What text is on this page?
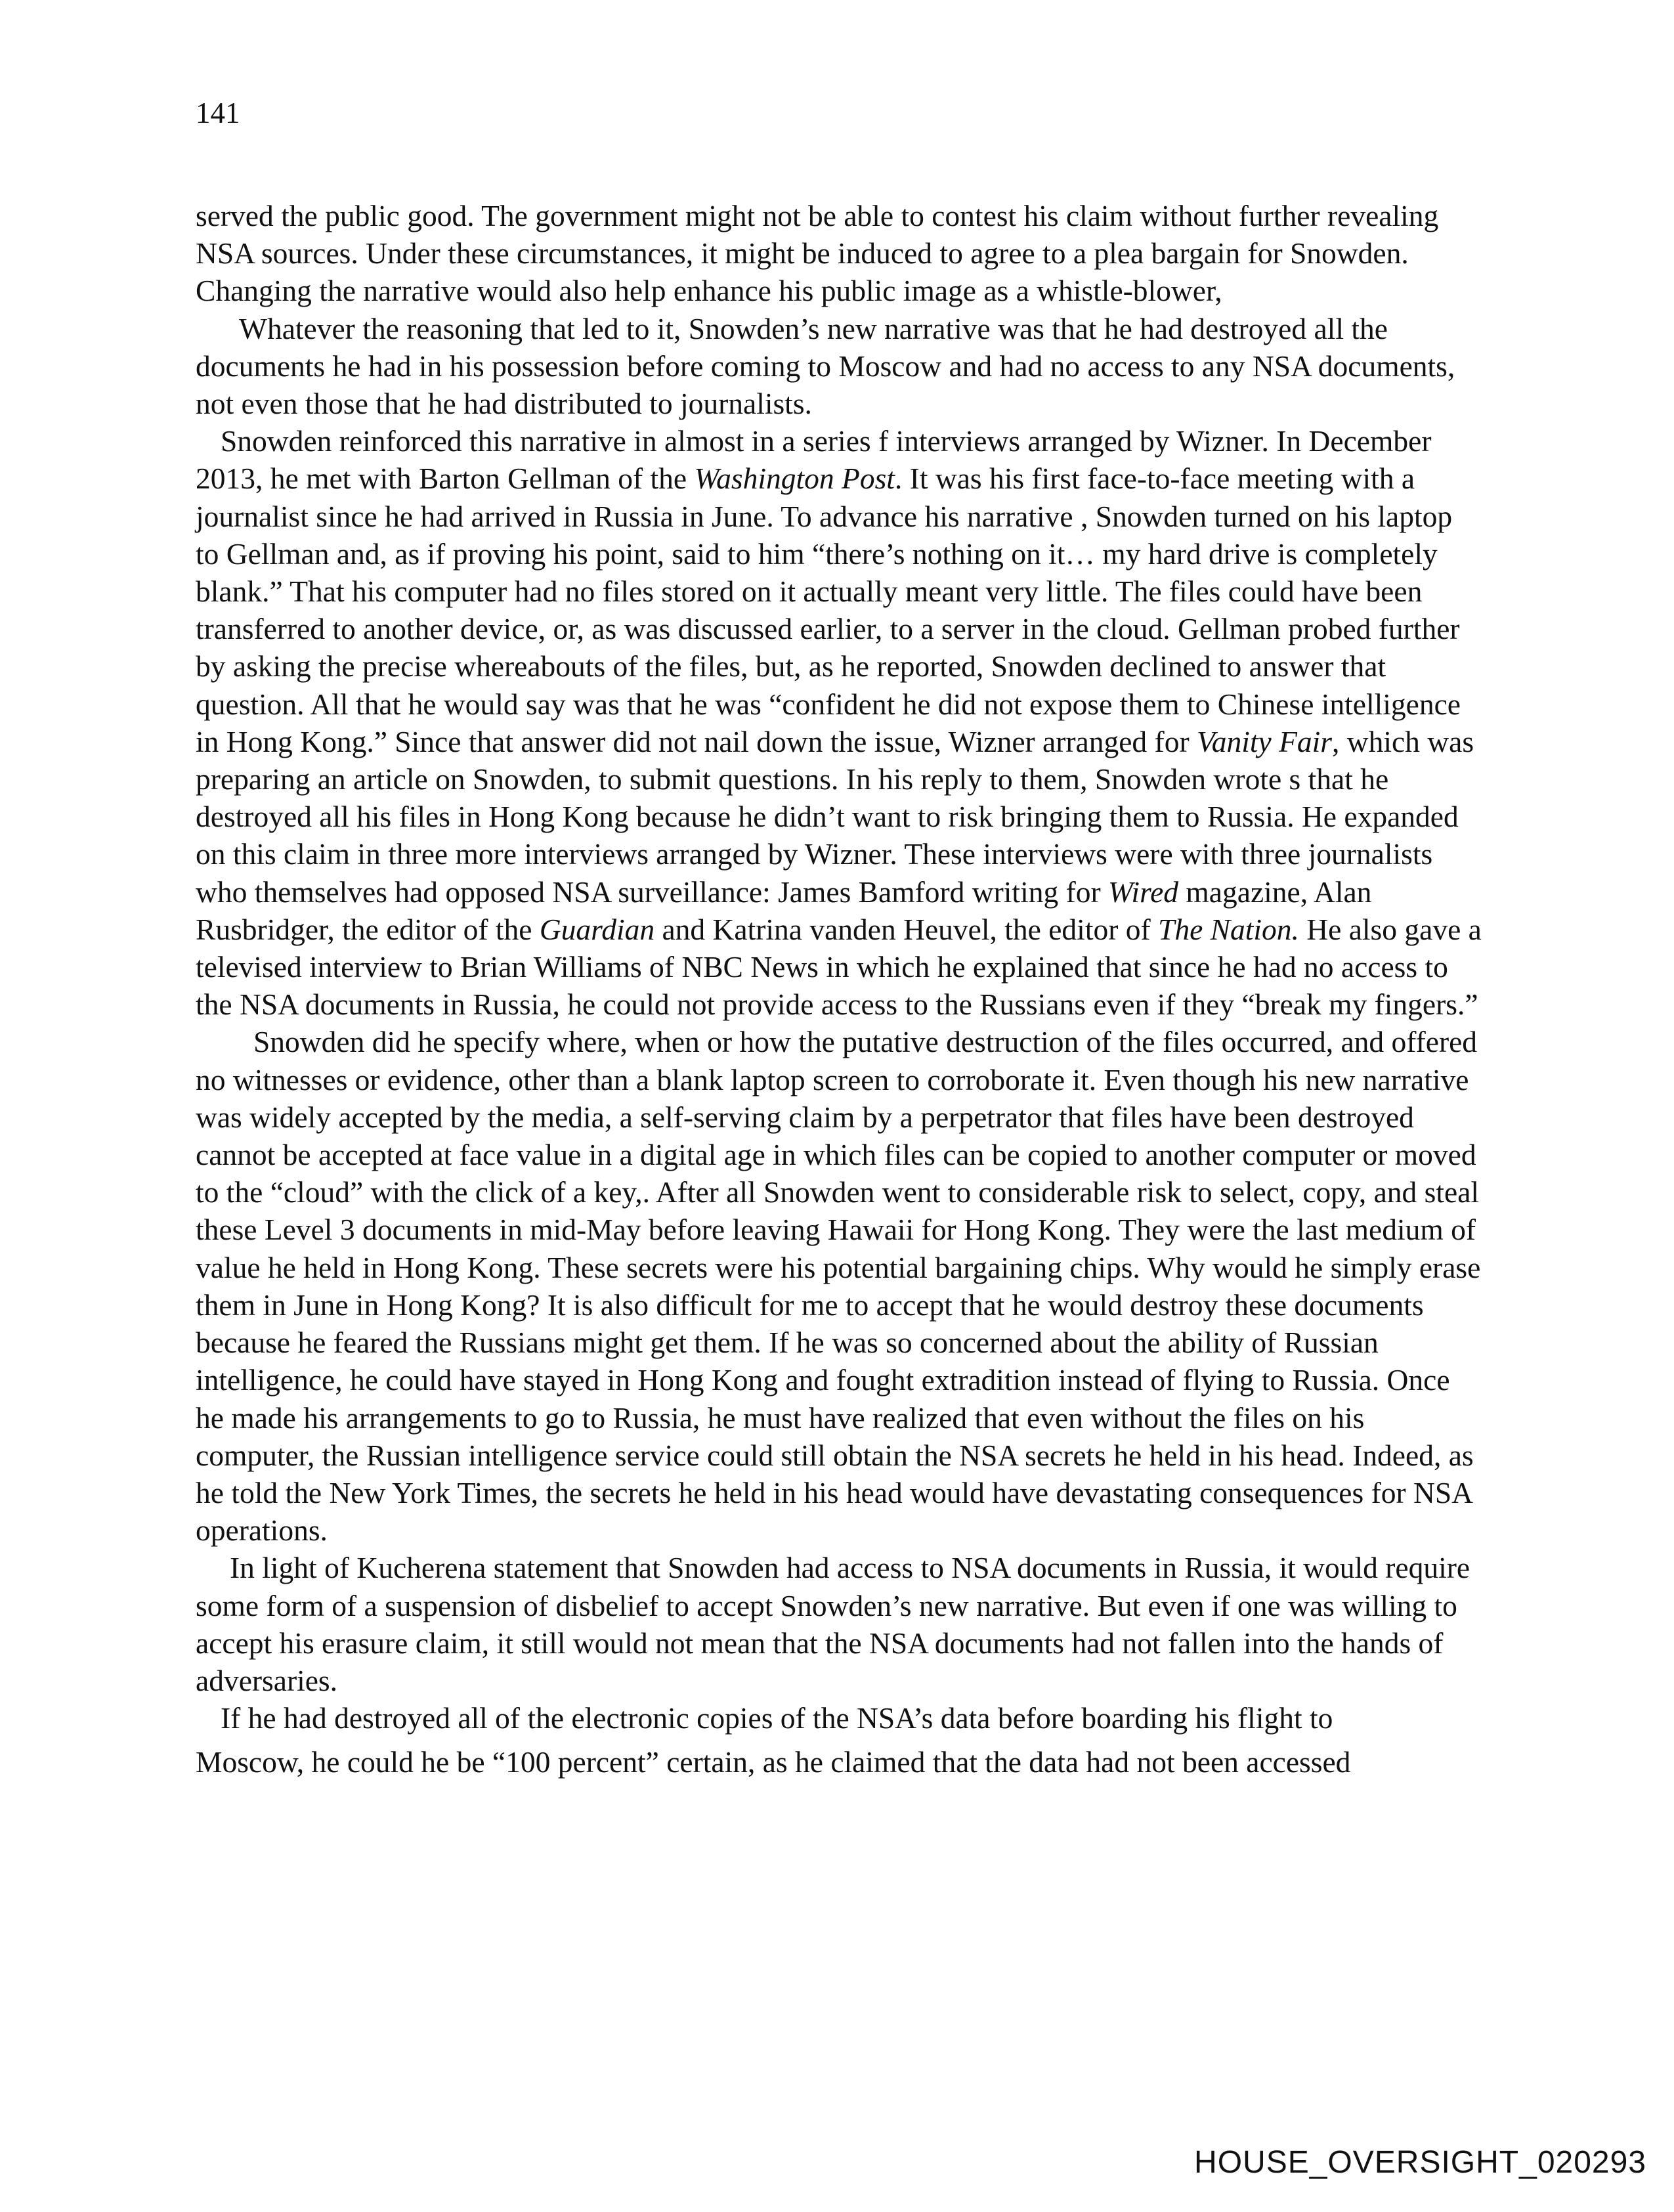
141

served the public good. The government might not be able to contest his claim without further revealing NSA sources. Under these circumstances, it might be induced to agree to a plea bargain for Snowden. Changing the narrative would also help enhance his public image as a whistle-blower,

Whatever the reasoning that led to it, Snowden’s new narrative was that he had destroyed all the documents he had in his possession before coming to Moscow and had no access to any NSA documents, not even those that he had distributed to journalists.

Snowden reinforced this narrative in almost in a series f interviews arranged by Wizner. In December 2013, he met with Barton Gellman of the Washington Post. It was his first face-to-face meeting with a journalist since he had arrived in Russia in June. To advance his narrative , Snowden turned on his laptop to Gellman and, as if proving his point, said to him “there’s nothing on it… my hard drive is completely blank.” That his computer had no files stored on it actually meant very little. The files could have been transferred to another device, or, as was discussed earlier, to a server in the cloud. Gellman probed further by asking the precise whereabouts of the files, but, as he reported, Snowden declined to answer that question. All that he would say was that he was “confident he did not expose them to Chinese intelligence in Hong Kong.” Since that answer did not nail down the issue, Wizner arranged for Vanity Fair, which was preparing an article on Snowden, to submit questions. In his reply to them, Snowden wrote s that he destroyed all his files in Hong Kong because he didn’t want to risk bringing them to Russia. He expanded on this claim in three more interviews arranged by Wizner. These interviews were with three journalists who themselves had opposed NSA surveillance: James Bamford writing for Wired magazine, Alan Rusbridger, the editor of the Guardian and Katrina vanden Heuvel, the editor of The Nation. He also gave a televised interview to Brian Williams of NBC News in which he explained that since he had no access to the NSA documents in Russia, he could not provide access to the Russians even if they “break my fingers.”

Snowden did he specify where, when or how the putative destruction of the files occurred, and offered no witnesses or evidence, other than a blank laptop screen to corroborate it. Even though his new narrative was widely accepted by the media, a self-serving claim by a perpetrator that files have been destroyed cannot be accepted at face value in a digital age in which files can be copied to another computer or moved to the “cloud” with the click of a key,. After all Snowden went to considerable risk to select, copy, and steal these Level 3 documents in mid-May before leaving Hawaii for Hong Kong. They were the last medium of value he held in Hong Kong. These secrets were his potential bargaining chips. Why would he simply erase them in June in Hong Kong? It is also difficult for me to accept that he would destroy these documents because he feared the Russians might get them. If he was so concerned about the ability of Russian intelligence, he could have stayed in Hong Kong and fought extradition instead of flying to Russia. Once he made his arrangements to go to Russia, he must have realized that even without the files on his computer, the Russian intelligence service could still obtain the NSA secrets he held in his head. Indeed, as he told the New York Times, the secrets he held in his head would have devastating consequences for NSA operations.

In light of Kucherena statement that Snowden had access to NSA documents in Russia, it would require some form of a suspension of disbelief to accept Snowden’s new narrative. But even if one was willing to accept his erasure claim, it still would not mean that the NSA documents had not fallen into the hands of adversaries.

If he had destroyed all of the electronic copies of the NSA’s data before boarding his flight to

Moscow, he could he be “100 percent” certain, as he claimed that the data had not been accessed

HOUSE_OVERSIGHT_020293
